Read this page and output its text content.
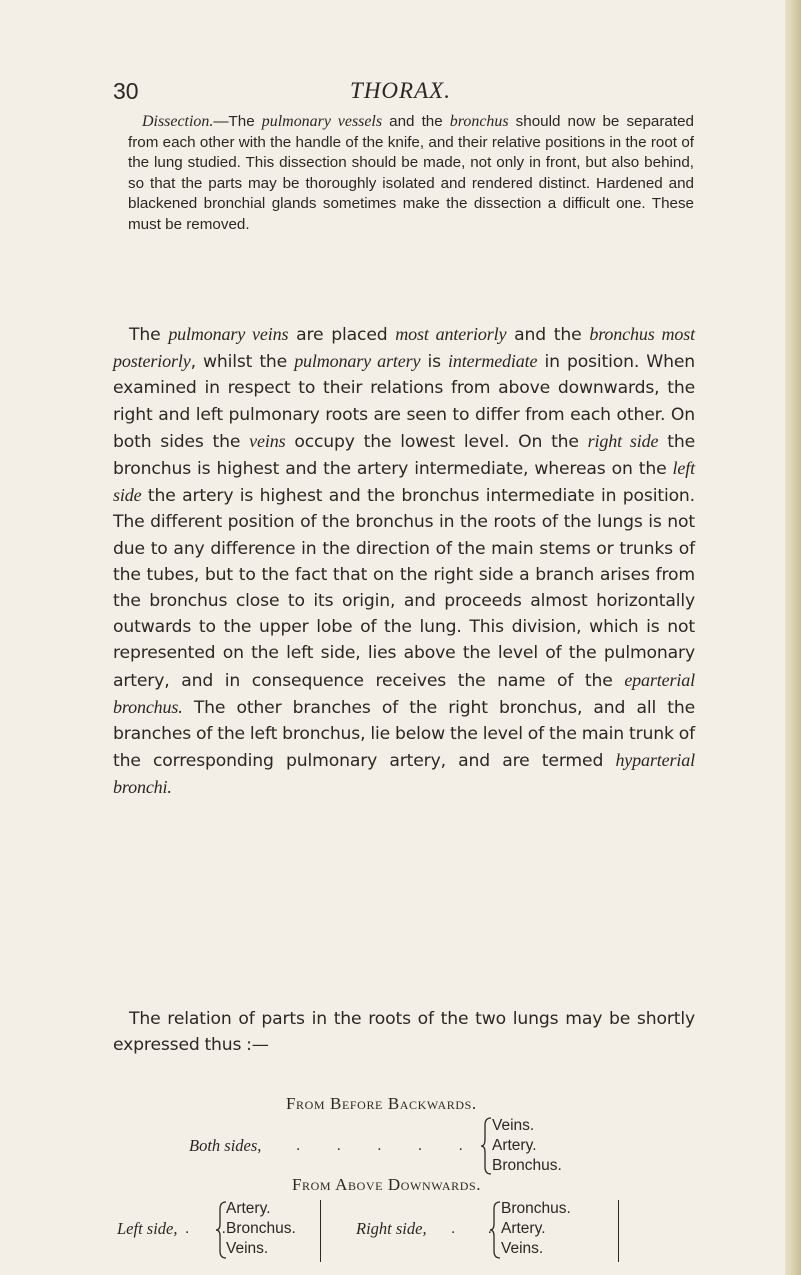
30	THORAX.

Dissection.—The pulmonary vessels and the bronchus should now be separated from each other with the handle of the knife, and their relative positions in the root of the lung studied. This dissection should be made, not only in front, but also behind, so that the parts may be thoroughly isolated and rendered distinct. Hardened and blackened bronchial glands sometimes make the dissection a difficult one. These must be removed.

The pulmonary veins are placed most anteriorly and the bronchus most posteriorly, whilst the pulmonary artery is intermediate in position. When examined in respect to their relations from above downwards, the right and left pulmonary roots are seen to differ from each other. On both sides the veins occupy the lowest level. On the right side the bronchus is highest and the artery intermediate, whereas on the left side the artery is highest and the bronchus intermediate in position. The different position of the bronchus in the roots of the lungs is not due to any difference in the direction of the main stems or trunks of the tubes, but to the fact that on the right side a branch arises from the bronchus close to its origin, and proceeds almost horizontally outwards to the upper lobe of the lung. This division, which is not represented on the left side, lies above the level of the pulmonary artery, and in consequence receives the name of the eparterial bronchus. The other branches of the right bronchus, and all the branches of the left bronchus, lie below the level of the main trunk of the corresponding pulmonary artery, and are termed hyparterial bronchi.

The relation of parts in the roots of the two lungs may be shortly expressed thus :—

From Before Backwards.
Both sides, . . . . .
Veins.
Artery.
Bronchus.
From Above Downwards.
Left side, . .
Artery.
Bronchus.
Veins.
Right side, . .
Bronchus.
Artery.
Veins.
